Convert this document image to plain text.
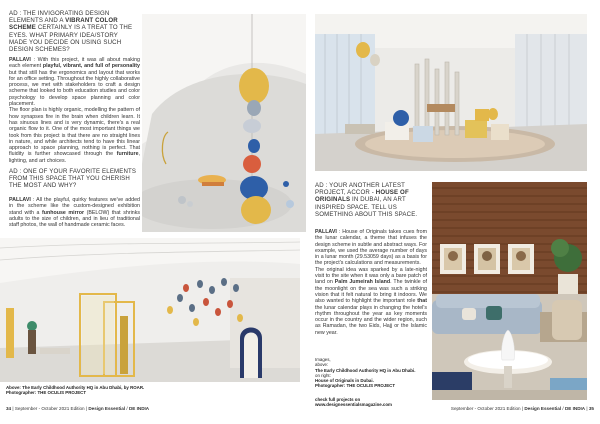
AD : THE INVIGORATING DESIGN ELEMENTS AND A VIBRANT COLOR SCHEME CERTAINLY IS A TREAT TO THE EYES. WHAT PRIMARY IDEA/STORY MADE YOU DECIDE ON USING SUCH DESIGN SCHEMES?
PALLAVI : With this project, it was all about making each element playful, vibrant, and full of personality but that still has the ergonomics and layout that works for an office setting. Throughout the highly collaborative process, we met with stakeholders to craft a design scheme that looked to both education studies and color psychology to develop space planning and color placement.
The floor plan is highly organic, modelling the pattern of how synapses fire in the brain when children learn. It has sinuous lines and is very dynamic, there's a real organic flow to it. One of the most important things we took from this project is that there are no straight lines in nature, and while architects tend to have this linear approach to space planning, nothing is perfect. That fluidity is further showcased through the furniture, lighting, and art choices.
AD : ONE OF YOUR FAVORITE ELEMENTS FROM THIS SPACE THAT YOU CHERISH THE MOST AND WHY?
PALLAVI : All the playful, quirky features we've added in the scheme like the custom-designed exhibition stand with a funhouse mirror (BELOW) that shrinks adults to the size of children, and in lieu of traditional staff photos, the wall of handmade ceramic faces.
AD : YOUR ANOTHER LATEST PROJECT, ACCOR - HOUSE OF ORIGINALS IN DUBAI, AN ART INSPIRED SPACE. TELL US SOMETHING ABOUT THIS SPACE.
PALLAVI : House of Originals takes cues from the lunar calendar, a theme that infuses the design scheme in subtle and abstract ways. For example, we used the average number of days in a lunar month (29.53059 days) as a basis for the project's calculations and measurements.
The original idea was sparked by a late-night visit to the site when it was only a bare patch of land on Palm Jumeirah Island. The twinkle of the moonlight on the sea was such a striking vision that it felt natural to bring it indoors. We also wanted to highlight the important role that the lunar calendar plays in changing the hotel's rhythm throughout the year as key moments occur in the country and the wider region, such as Ramadan, the two Eids, Hajj or the Islamic new year.
Images,
above:
The Early Childhood Authority HQ in Abu Dhabi.
on right:
House of Originals in Dubai.
Photographer: THE OCULIS PROJECT
check full projects on
www.designessentialsmagazine.com
Above: The Early Childhood Authority HQ in Abu Dhabi, by ROAR.
Photographer: THE OCULIS PROJECT
34 | September - October 2021 Edition | Design Essential / DE INDIA	September - October 2021 Edition | Design Essential / DE INDIA | 35
